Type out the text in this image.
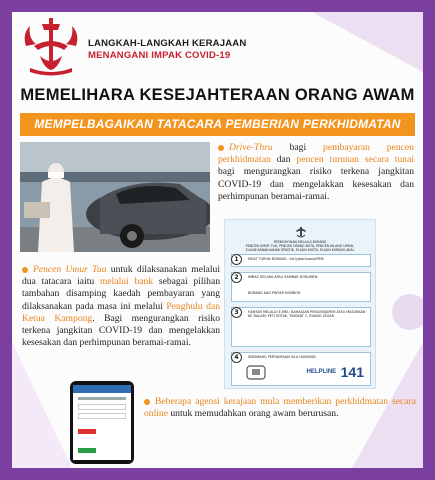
LANGKAH-LANGKAH KERAJAAN
MENANGANI IMPAK COVID-19
MEMELIHARA KESEJAHTERAAN ORANG AWAM
MEMPELBAGAIKAN TATACARA PEMBERIAN PERKHIDMATAN
Drive-Thru bagi pembayaran pencen perkhidmatan dan pencen turunan secara tunai bagi mengurangkan risiko terkena jangkitan COVID-19 dan mengelakkan kesesakan dan perhimpunan beramai-ramai.
PERMOHONAN MELALUI BORANG
PENCEN UMUR TUA, PENCEN ORANG BUTA, PENCEN HILANG UPAYA,
ELAUN KANAK-KANAK SPASTIK, ELAUN KUSTA, ELAUN KURANG AKAL
1	MUAT TURUN BORANG : bit.ly/bantuanJAPEM
2	IMBAS SECARA ATAU SAMBAR DOKUMEN:
BORANG KAD PINTAR NOMBOR
3	HANTAR MELALUI E-MEL: BAHAGIAN PENCEN/JAPEM ATAU MASUKKAN KE DALAM: PETI KOTAK, TINGKAT 1, RUANG LEGAR
4	SEBARANG PERTANYAAN SILA HUBUNGI:
HELPLINE 141
Pencen Umur Tua untuk dilaksanakan melalui dua tatacara iaitu melalui bank sebagai pilihan tambahan disamping kaedah pembayaran yang dilaksanakan pada masa ini melalui Penghulu dan Ketua Kampong. Bagi mengurangkan risiko terkena jangkitan COVID-19 dan mengelakkan kesesakan dan perhimpunan beramai-ramai.

Beberapa agensi kerajaan mula memberikan perkhidmatan secara online untuk memudahkan orang awam berurusan.
